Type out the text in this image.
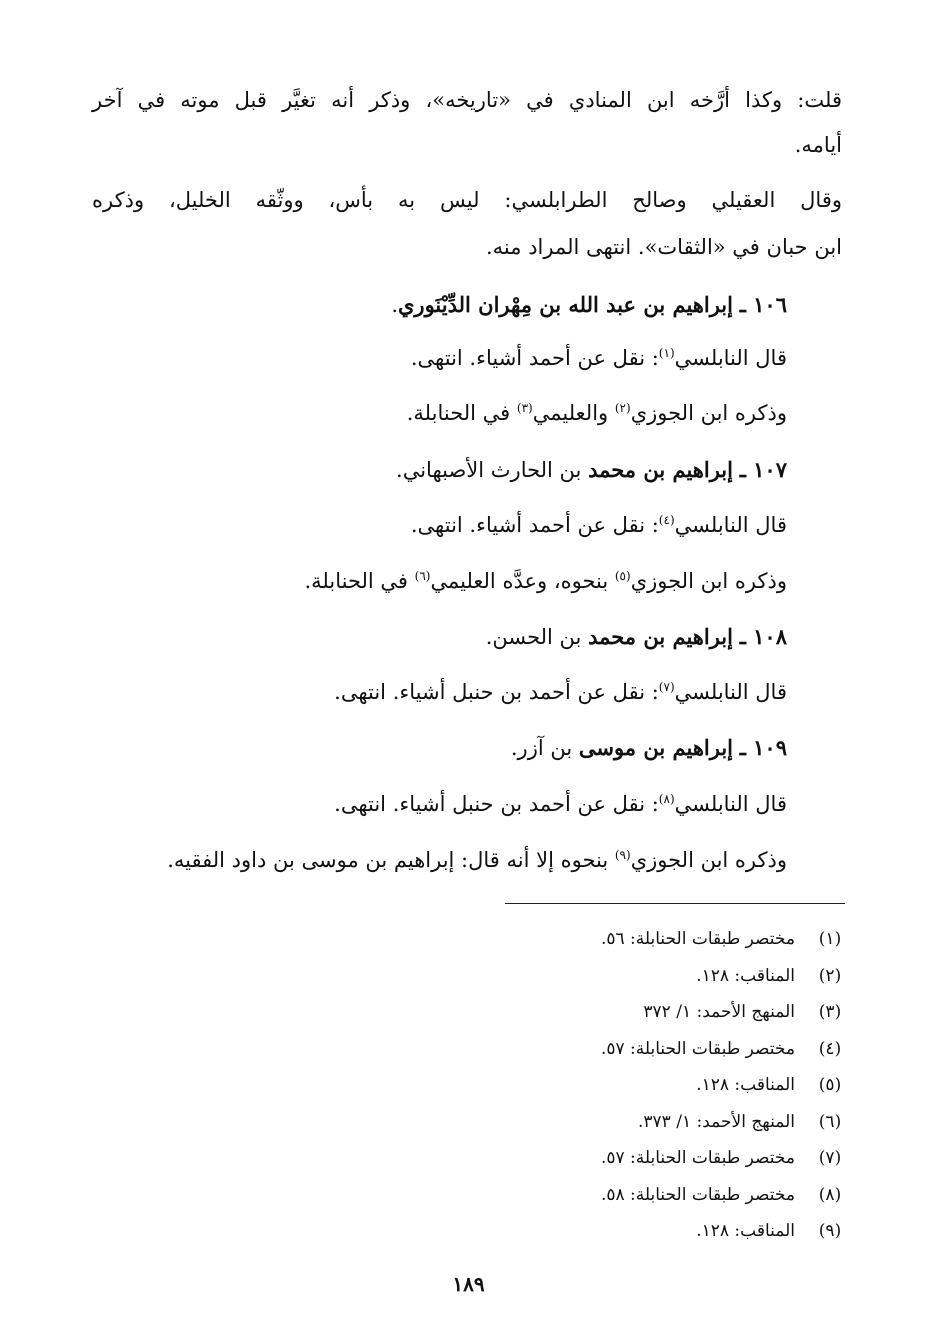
قلت: وكذا أرَّخه ابن المنادي في «تاريخه»، وذكر أنه تغيَّر قبل موته في آخر
أيامه.
وقال العقيلي وصالح الطرابلسي: ليس به بأس، ووثّقه الخليل، وذكره
ابن حبان في «الثقات». انتهى المراد منه.
١٠٦ ـ إبراهيم بن عبد الله بن مِهْران الدِّيْنَوري.
قال النابلسي$^{(١)}$: نقل عن أحمد أشياء. انتهى.
وذكره ابن الجوزي$^{(٢)}$ والعليمي$^{(٣)}$ في الحنابلة.
١٠٧ ـ إبراهيم بن محمد بن الحارث الأصبهاني.
قال النابلسي$^{(٤)}$: نقل عن أحمد أشياء. انتهى.
وذكره ابن الجوزي$^{(٥)}$ بنحوه، وعدَّه العليمي$^{(٦)}$ في الحنابلة.
١٠٨ ـ إبراهيم بن محمد بن الحسن.
قال النابلسي$^{(٧)}$: نقل عن أحمد بن حنبل أشياء. انتهى.
١٠٩ ـ إبراهيم بن موسى بن آزر.
قال النابلسي$^{(٨)}$: نقل عن أحمد بن حنبل أشياء. انتهى.
وذكره ابن الجوزي$^{(٩)}$ بنحوه إلا أنه قال: إبراهيم بن موسى بن داود الفقيه.
(١)مختصر طبقات الحنابلة: ٥٦.
(٢)المناقب: ١٢٨.
(٣)المنهج الأحمد: ١/ ٣٧٢
(٤)مختصر طبقات الحنابلة: ٥٧.
(٥)المناقب: ١٢٨.
(٦)المنهج الأحمد: ١/ ٣٧٣.
(٧)مختصر طبقات الحنابلة: ٥٧.
(٨)مختصر طبقات الحنابلة: ٥٨.
(٩)المناقب: ١٢٨.
١٨٩
